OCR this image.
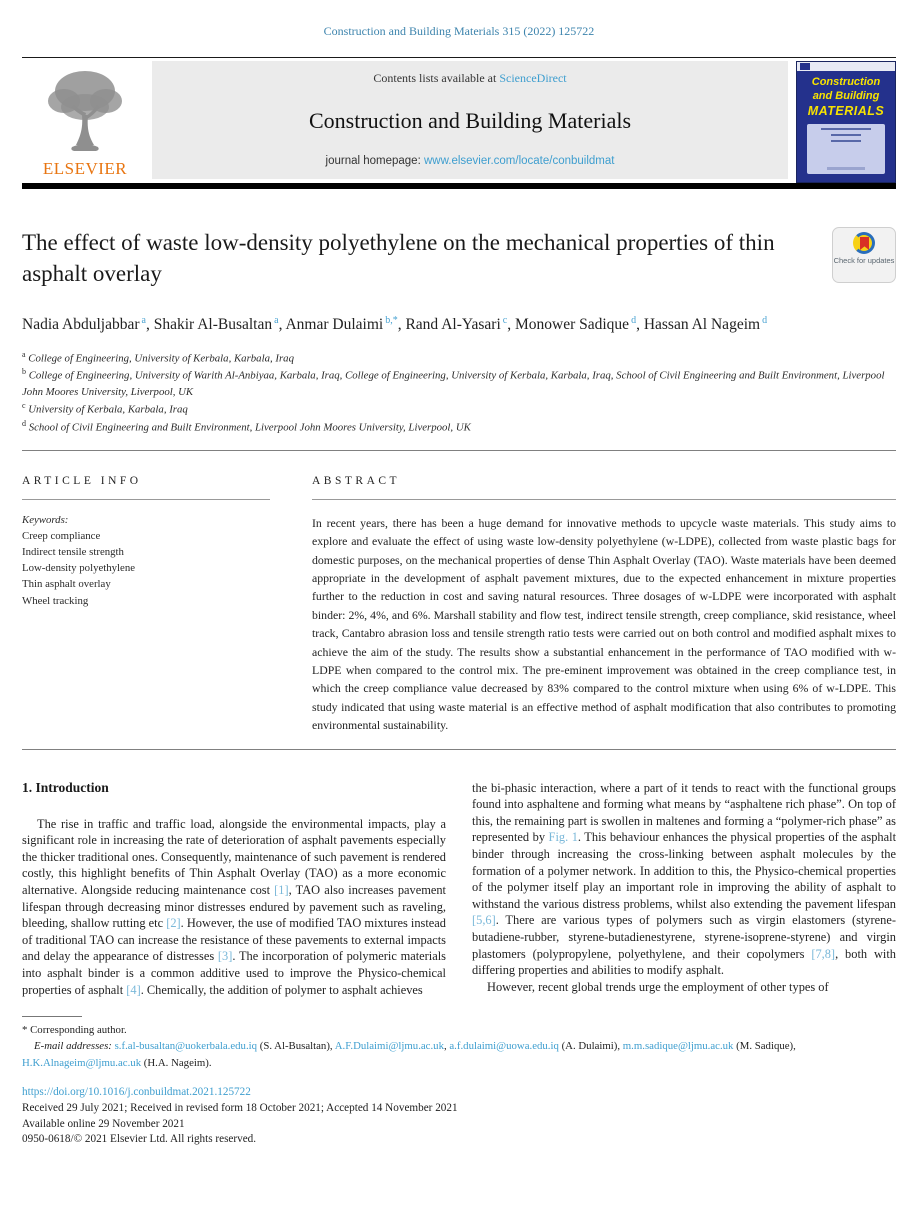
Construction and Building Materials 315 (2022) 125722
ELSEVIER
Contents lists available at ScienceDirect
Construction and Building Materials
journal homepage: www.elsevier.com/locate/conbuildmat
Construction
and Building
MATERIALS
The effect of waste low-density polyethylene on the mechanical properties of thin asphalt overlay
Check for updates
Nadia Abduljabbar $^a$, Shakir Al-Busaltan $^a$, Anmar Dulaimi $^{b,*}$, Rand Al-Yasari $^c$, Monower Sadique $^d$, Hassan Al Nageim $^d$
$^a$ College of Engineering, University of Kerbala, Karbala, Iraq
$^b$ College of Engineering, University of Warith Al-Anbiyaa, Karbala, Iraq, College of Engineering, University of Kerbala, Karbala, Iraq, School of Civil Engineering and Built Environment, Liverpool John Moores University, Liverpool, UK
$^c$ University of Kerbala, Karbala, Iraq
$^d$ School of Civil Engineering and Built Environment, Liverpool John Moores University, Liverpool, UK
ARTICLE INFO
Keywords:
Creep compliance
Indirect tensile strength
Low-density polyethylene
Thin asphalt overlay
Wheel tracking
ABSTRACT

In recent years, there has been a huge demand for innovative methods to upcycle waste materials. This study aims to explore and evaluate the effect of using waste low-density polyethylene (w-LDPE), collected from waste plastic bags for domestic purposes, on the mechanical properties of dense Thin Asphalt Overlay (TAO). Waste materials have been deemed appropriate in the development of asphalt pavement mixtures, due to the expected enhancement in mixture properties further to the reduction in cost and saving natural resources. Three dosages of w-LDPE were incorporated with asphalt binder: 2%, 4%, and 6%. Marshall stability and flow test, indirect tensile strength, creep compliance, skid resistance, wheel track, Cantabro abrasion loss and tensile strength ratio tests were carried out on both control and modified asphalt mixes to achieve the aim of the study. The results show a substantial enhancement in the performance of TAO modified with w-LDPE when compared to the control mix. The pre-eminent improvement was obtained in the creep compliance test, in which the creep compliance value decreased by 83% compared to the control mixture when using 6% of w-LDPE. This study indicated that using waste material is an effective method of asphalt modification that also contributes to promoting environmental sustainability.

1. Introduction

The rise in traffic and traffic load, alongside the environmental impacts, play a significant role in increasing the rate of deterioration of asphalt pavements especially the thicker traditional ones. Consequently, maintenance of such pavement is rendered costly, this highlight benefits of Thin Asphalt Overlay (TAO) as a more economic alternative. Alongside reducing maintenance cost [1], TAO also increases pavement lifespan through decreasing minor distresses endured by pavement such as raveling, bleeding, shallow rutting etc [2]. However, the use of modified TAO mixtures instead of traditional TAO can increase the resistance of these pavements to external impacts and delay the appearance of distresses [3]. The incorporation of polymeric materials into asphalt binder is a common additive used to improve the Physico-chemical properties of asphalt [4]. Chemically, the addition of polymer to asphalt achieves

the bi-phasic interaction, where a part of it tends to react with the functional groups found into asphaltene and forming what means by “asphaltene rich phase”. On top of this, the remaining part is swollen in maltenes and forming a “polymer-rich phase” as represented by Fig. 1. This behaviour enhances the physical properties of the asphalt binder through increasing the cross-linking between asphalt molecules by the formation of a polymer network. In addition to this, the Physico-chemical properties of the polymer itself play an important role in improving the ability of asphalt to withstand the various distress problems, whilst also extending the pavement lifespan [5,6]. There are various types of polymers such as virgin elastomers (styrene-butadiene-rubber, styrene-butadienestyrene, styrene-isoprene-styrene) and virgin plastomers (polypropylene, polyethylene, and their copolymers [7,8], both with differing properties and abilities to modify asphalt.

However, recent global trends urge the employment of other types of

* Corresponding author.
E-mail addresses: s.f.al-busaltan@uokerbala.edu.iq (S. Al-Busaltan), A.F.Dulaimi@ljmu.ac.uk, a.f.dulaimi@uowa.edu.iq (A. Dulaimi), m.m.sadique@ljmu.ac.uk (M. Sadique), H.K.Alnageim@ljmu.ac.uk (H.A. Nageim).
https://doi.org/10.1016/j.conbuildmat.2021.125722
Received 29 July 2021; Received in revised form 18 October 2021; Accepted 14 November 2021
Available online 29 November 2021
0950-0618/© 2021 Elsevier Ltd. All rights reserved.
